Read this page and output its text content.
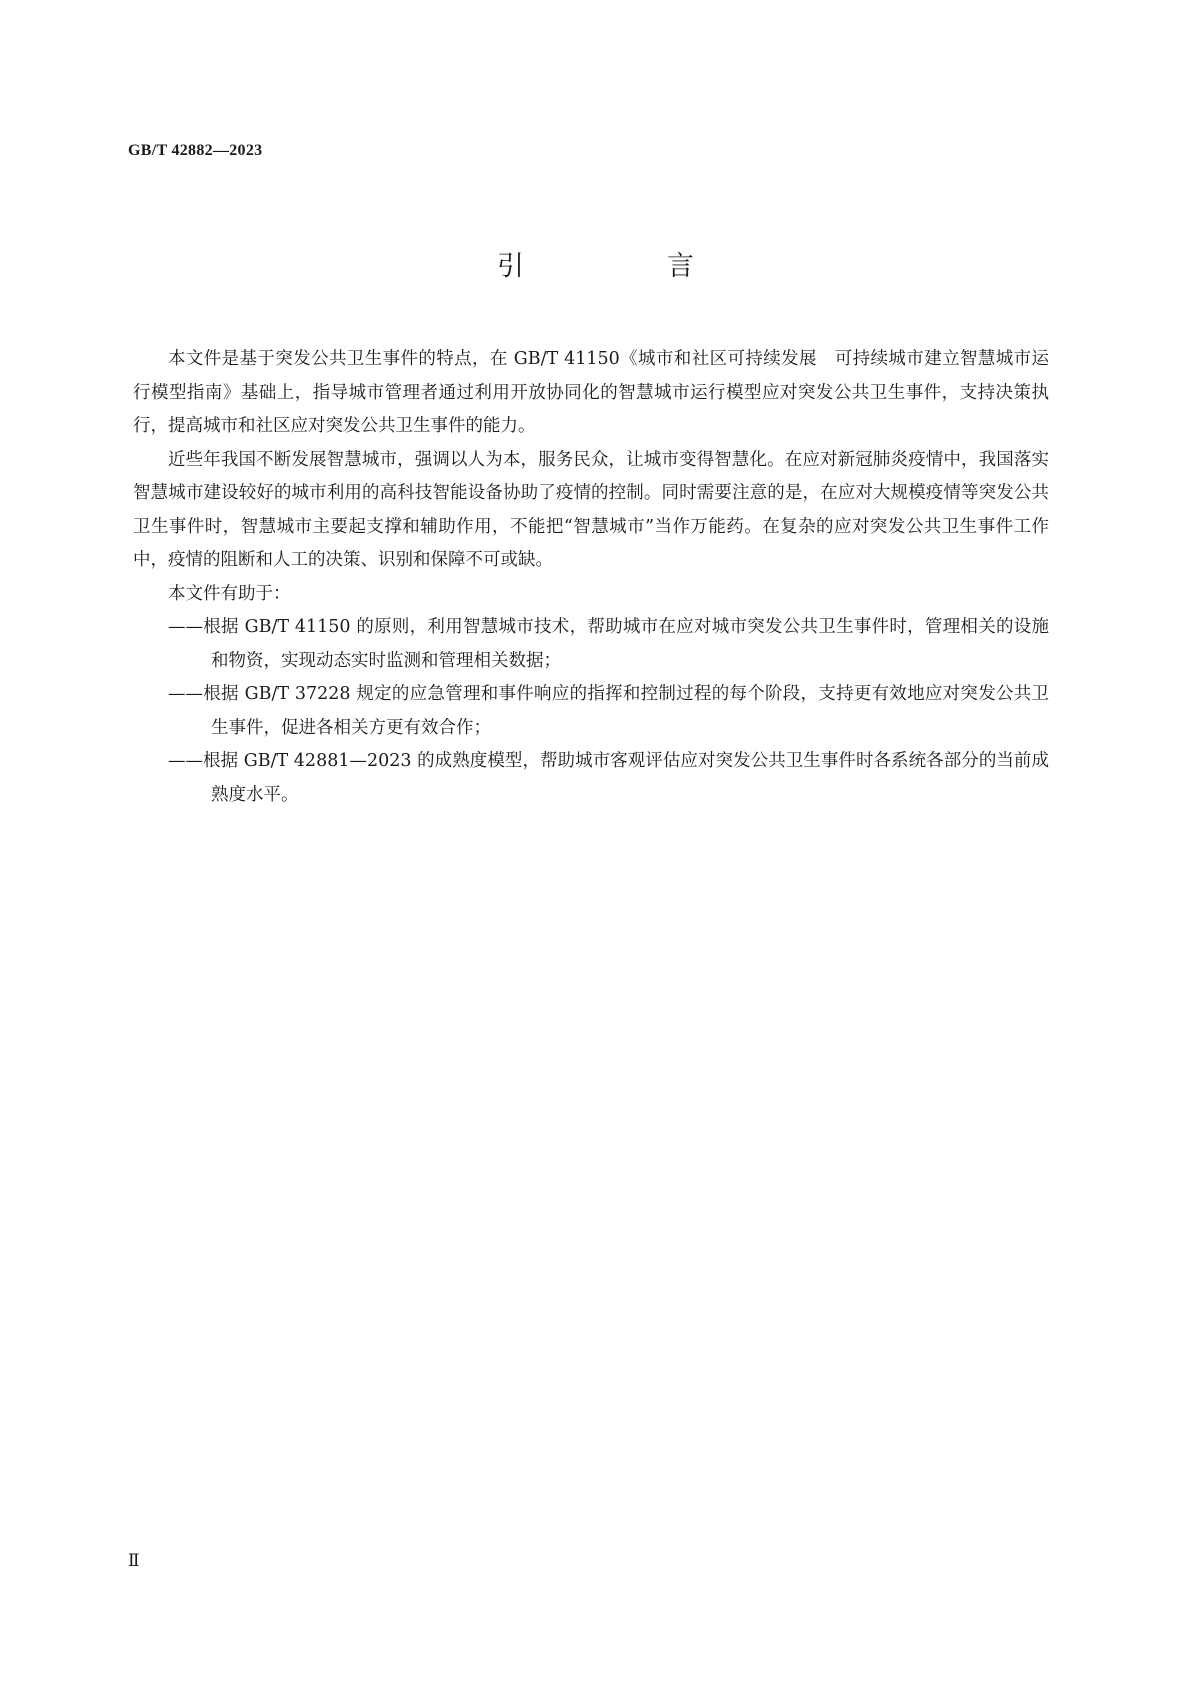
GB/T 42882—2023
引　言

本文件是基于突发公共卫生事件的特点，在 GB/T 41150《城市和社区可持续发展　可持续城市建立智慧城市运行模型指南》基础上，指导城市管理者通过利用开放协同化的智慧城市运行模型应对突发公共卫生事件，支持决策执行，提高城市和社区应对突发公共卫生事件的能力。

近些年我国不断发展智慧城市，强调以人为本，服务民众，让城市变得智慧化。在应对新冠肺炎疫情中，我国落实智慧城市建设较好的城市利用的高科技智能设备协助了疫情的控制。同时需要注意的是，在应对大规模疫情等突发公共卫生事件时，智慧城市主要起支撑和辅助作用，不能把“智慧城市”当作万能药。在复杂的应对突发公共卫生事件工作中，疫情的阻断和人工的决策、识别和保障不可或缺。

本文件有助于：

——根据 GB/T 41150 的原则，利用智慧城市技术，帮助城市在应对城市突发公共卫生事件时，管理相关的设施和物资，实现动态实时监测和管理相关数据；

——根据 GB/T 37228 规定的应急管理和事件响应的指挥和控制过程的每个阶段，支持更有效地应对突发公共卫生事件，促进各相关方更有效合作；

——根据 GB/T 42881—2023 的成熟度模型，帮助城市客观评估应对突发公共卫生事件时各系统各部分的当前成熟度水平。

Ⅱ
